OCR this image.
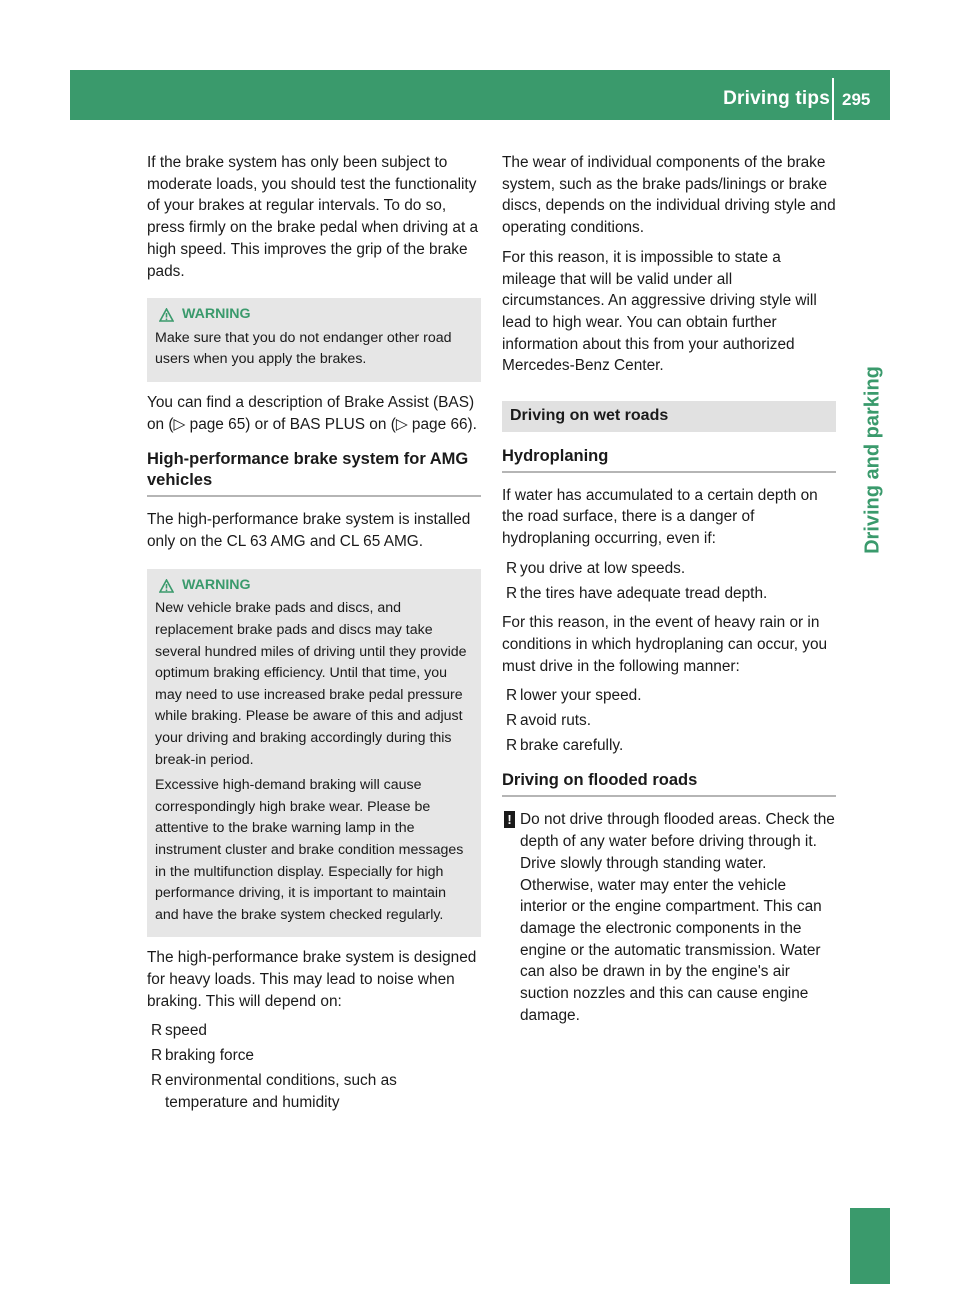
Driving tips 295
Driving and parking

If the brake system has only been subject to moderate loads, you should test the functionality of your brakes at regular intervals. To do so, press firmly on the brake pedal when driving at a high speed. This improves the grip of the brake pads.

WARNING

Make sure that you do not endanger other road users when you apply the brakes.

You can find a description of Brake Assist (BAS) on (▷ page 65) or of BAS PLUS on (▷ page 66).

High-performance brake system for AMG vehicles

The high-performance brake system is installed only on the CL 63 AMG and CL 65 AMG.

WARNING

New vehicle brake pads and discs, and replacement brake pads and discs may take several hundred miles of driving until they provide optimum braking efficiency. Until that time, you may need to use increased brake pedal pressure while braking. Please be aware of this and adjust your driving and braking accordingly during this break-in period.

Excessive high-demand braking will cause correspondingly high brake wear. Please be attentive to the brake warning lamp in the instrument cluster and brake condition messages in the multifunction display. Especially for high performance driving, it is important to maintain and have the brake system checked regularly.

The high-performance brake system is designed for heavy loads. This may lead to noise when braking. This will depend on:

R speed
R braking force
R environmental conditions, such as temperature and humidity

The wear of individual components of the brake system, such as the brake pads/linings or brake discs, depends on the individual driving style and operating conditions.

For this reason, it is impossible to state a mileage that will be valid under all circumstances. An aggressive driving style will lead to high wear. You can obtain further information about this from your authorized Mercedes-Benz Center.

Driving on wet roads
Hydroplaning

If water has accumulated to a certain depth on the road surface, there is a danger of hydroplaning occurring, even if:

R you drive at low speeds.
R the tires have adequate tread depth.

For this reason, in the event of heavy rain or in conditions in which hydroplaning can occur, you must drive in the following manner:

R lower your speed.
R avoid ruts.
R brake carefully.
Driving on flooded roads
! Do not drive through flooded areas. Check the depth of any water before driving through it. Drive slowly through standing water. Otherwise, water may enter the vehicle interior or the engine compartment. This can damage the electronic components in the engine or the automatic transmission. Water can also be drawn in by the engine's air suction nozzles and this can cause engine damage.
